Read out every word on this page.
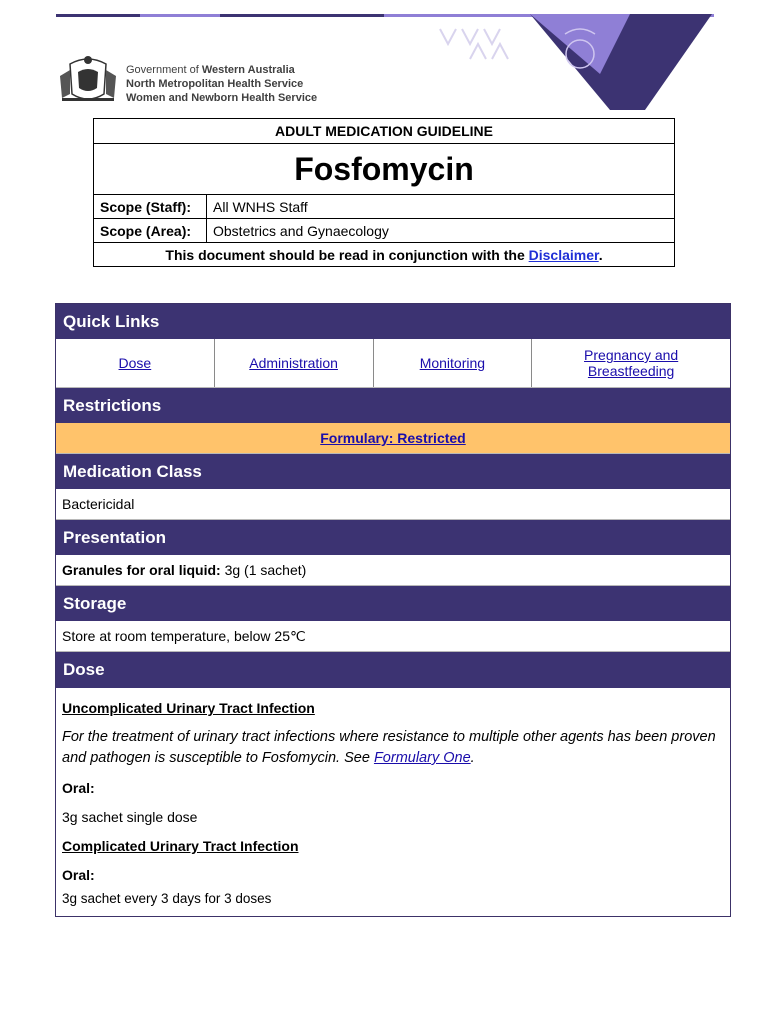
Government of Western Australia
North Metropolitan Health Service
Women and Newborn Health Service
ADULT MEDICATION GUIDELINE	
Fosfomycin	
Scope (Staff):	All WNHS Staff
Scope (Area):	Obstetrics and Gynaecology
This document should be read in conjunction with the Disclaimer.	
Quick Links
Dose	Administration	Monitoring	Pregnancy and Breastfeeding
Restrictions
Formulary: Restricted
Medication Class
Bactericidal
Presentation
Granules for oral liquid: 3g (1 sachet)
Storage
Store at room temperature, below 25℃
Dose

Uncomplicated Urinary Tract Infection

For the treatment of urinary tract infections where resistance to multiple other agents has been proven and pathogen is susceptible to Fosfomycin. See Formulary One.

Oral:

3g sachet single dose

Complicated Urinary Tract Infection

Oral:

3g sachet every 3 days for 3 doses
